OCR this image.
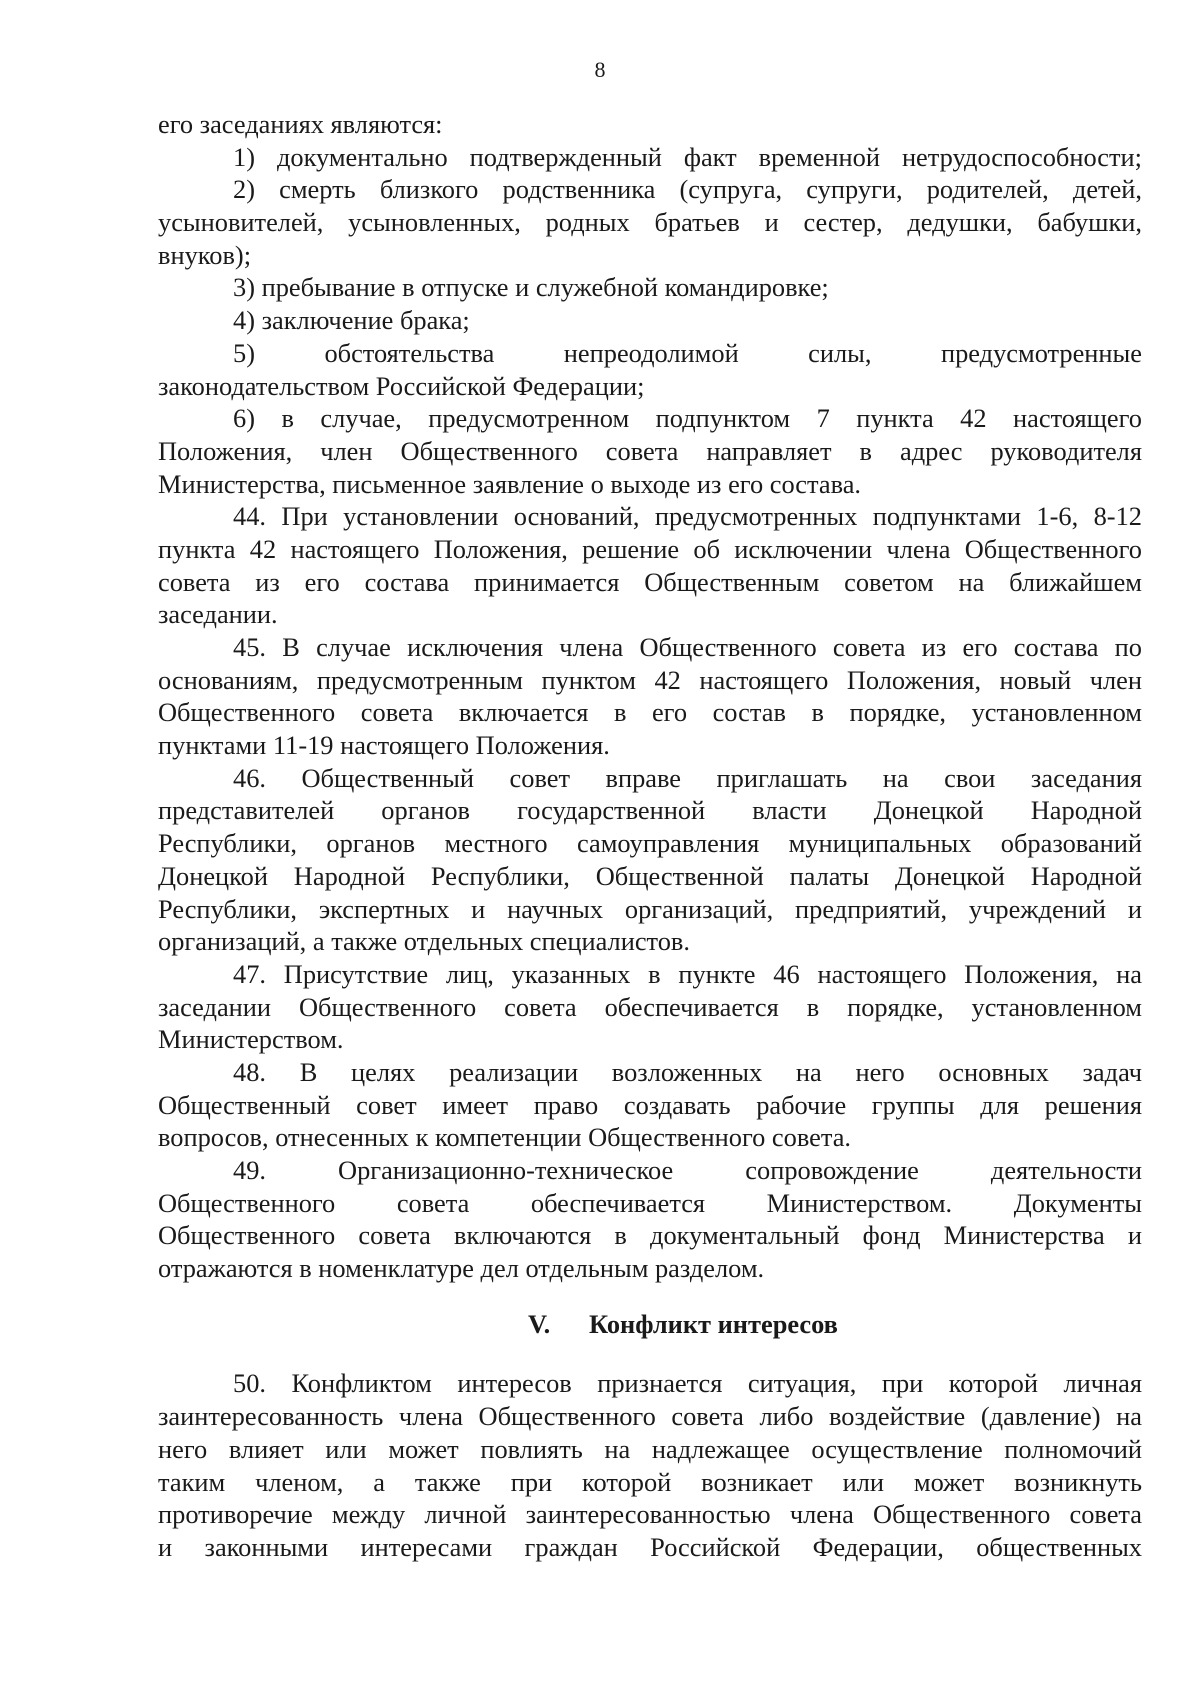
8
его заседаниях являются:
1) документально подтвержденный факт временной нетрудоспособности;
2) смерть близкого родственника (супруга, супруги, родителей, детей,
усыновителей, усыновленных, родных братьев и сестер, дедушки, бабушки,
внуков);
3) пребывание в отпуске и служебной командировке;
4) заключение брака;
5) обстоятельства непреодолимой силы, предусмотренные
законодательством Российской Федерации;
6) в случае, предусмотренном подпунктом 7 пункта 42 настоящего
Положения, член Общественного совета направляет в адрес руководителя
Министерства, письменное заявление о выходе из его состава.
44. При установлении оснований, предусмотренных подпунктами 1-6, 8-12
пункта 42 настоящего Положения, решение об исключении члена Общественного
совета из его состава принимается Общественным советом на ближайшем
заседании.
45. В случае исключения члена Общественного совета из его состава по
основаниям, предусмотренным пунктом 42 настоящего Положения, новый член
Общественного совета включается в его состав в порядке, установленном
пунктами 11-19 настоящего Положения.
46. Общественный совет вправе приглашать на свои заседания
представителей органов государственной власти Донецкой Народной
Республики, органов местного самоуправления муниципальных образований
Донецкой Народной Республики, Общественной палаты Донецкой Народной
Республики, экспертных и научных организаций, предприятий, учреждений и
организаций, а также отдельных специалистов.
47. Присутствие лиц, указанных в пункте 46 настоящего Положения, на
заседании Общественного совета обеспечивается в порядке, установленном
Министерством.
48. В целях реализации возложенных на него основных задач
Общественный совет имеет право создавать рабочие группы для решения
вопросов, отнесенных к компетенции Общественного совета.
49. Организационно-техническое сопровождение деятельности
Общественного совета обеспечивается Министерством. Документы
Общественного совета включаются в документальный фонд Министерства и
отражаются в номенклатуре дел отдельным разделом.
V. Конфликт интересов
50. Конфликтом интересов признается ситуация, при которой личная
заинтересованность члена Общественного совета либо воздействие (давление) на
него влияет или может повлиять на надлежащее осуществление полномочий
таким членом, а также при которой возникает или может возникнуть
противоречие между личной заинтересованностью члена Общественного совета
и законными интересами граждан Российской Федерации, общественных
